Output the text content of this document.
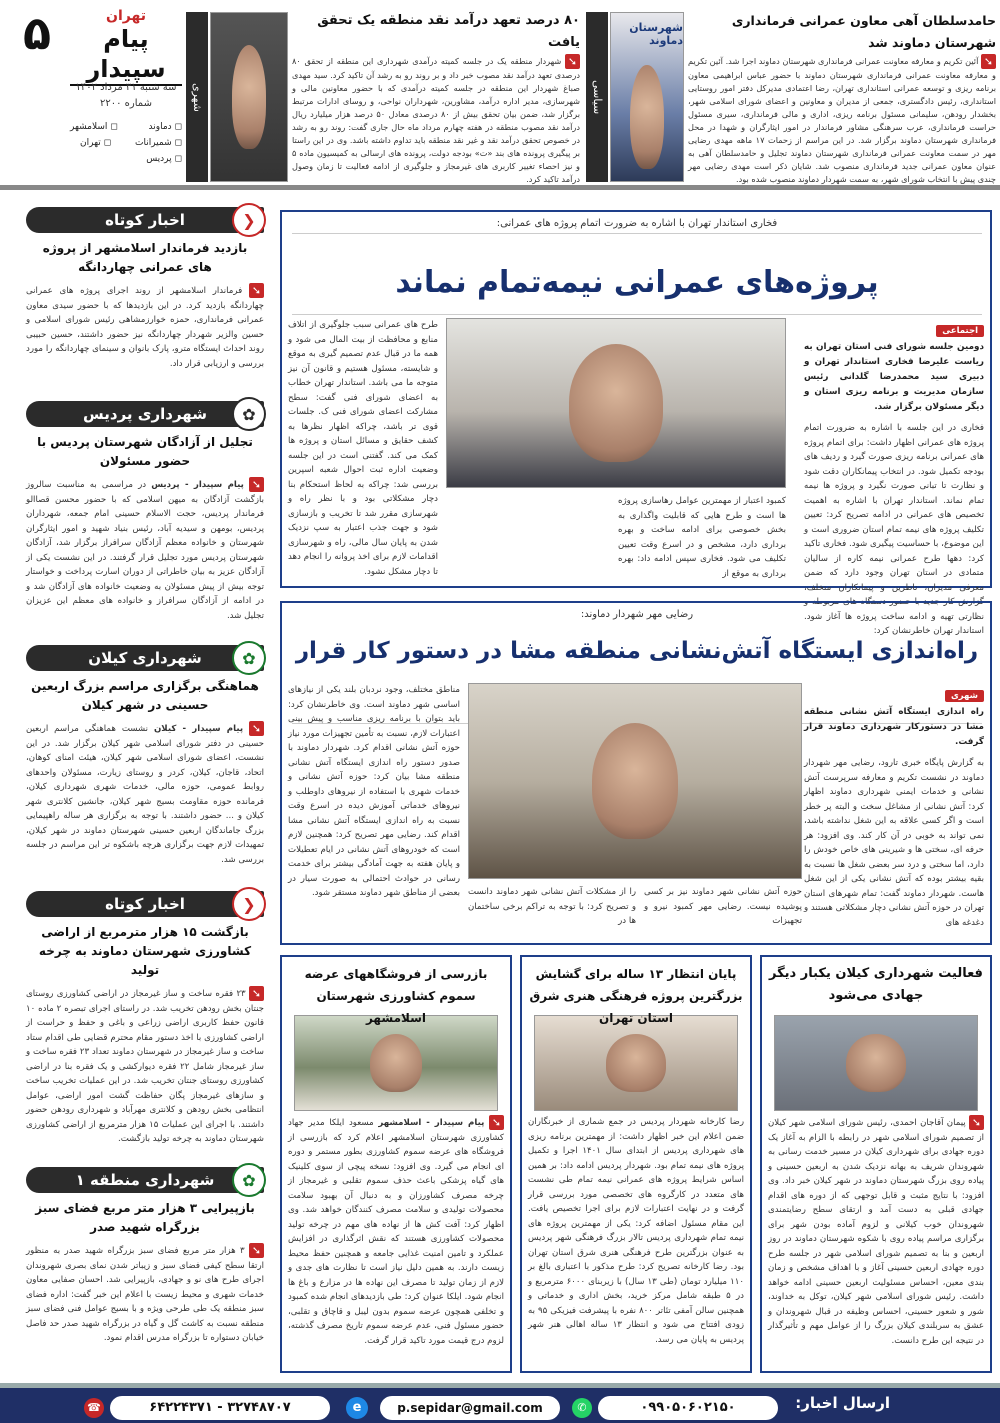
۵	تهران
پیام سپیدار
سه شنبه ۳۱ مرداد ۱۴۰۲
شماره ۲۲۰۰
◻ دماوند
◻ اسلامشهر
◻ شمیرانات
◻ تهران
◻ پردیس
شهری
۸۰ درصد تعهد درآمد نقد منطقه یک تحقق یافت
➘ شهردار منطقه یک در جلسه کمیته درآمدی شهرداری این منطقه از تحقق ۸۰ درصدی تعهد درآمد نقد مصوب خبر داد و بر روند رو به رشد آن تاکید کرد. سید مهدی صباغ شهردار این منطقه در جلسه کمیته درآمدی که با حضور معاونین مالی و شهرسازی، مدیر اداره درآمد، مشاورین، شهرداران نواحی، و روسای ادارات مرتبط برگزار شد، ضمن بیان تحقق بیش از ۸۰ درصدی معادل ۵۰ درصد هزار میلیارد ریال درآمد نقد مصوب منطقه در هفته چهارم مرداد ماه حال جاری گفت: روند رو به رشد در خصوص تحقق درآمد نقد و غیر نقد منطقه باید تداوم داشته باشد. وی در این راستا بر پیگیری پرونده های بند «ت» بودجه دولت، پرونده های ارسالی به کمیسیون ماده ۵ و نیز احصاء تغییر کاربری های غیرمجاز و جلوگیری از ادامه فعالیت تا زمان وصول درآمد تاکید کرد.
سیاسی
شهرستان دماوند
حامدسلطان آهی معاون عمرانی فرمانداری شهرستان دماوند شد
➘ آئین تکریم و معارفه معاونت عمرانی فرمانداری شهرستان دماوند اجرا شد. آئین تکریم و معارفه معاونت عمرانی فرمانداری شهرستان دماوند با حضور عباس ابراهیمی معاون برنامه ریزی و توسعه عمرانی استانداری تهران، رضا اعتمادی مدیرکل دفتر امور روستایی استانداری، رئیس دادگستری، جمعی از مدیران و معاونین و اعضای شورای اسلامی شهر، بخشدار رودهن، سلیمانی مسئول برنامه ریزی، اداری و مالی فرمانداری، سیری مسئول حراست فرمانداری، عرب سرهنگی مشاور فرماندار در امور ایثارگران و شهدا در محل فرمانداری شهرستان دماوند برگزار شد. در این مراسم از زحمات ۱۷ ماهه مهدی رضایی مهر در سمت معاونت عمرانی فرمانداری شهرستان دماوند تجلیل و حامدسلطان آهی به عنوان معاون عمرانی جدید فرمانداری منصوب شد. شایان ذکر است مهدی رضایی مهر چندی پیش با انتخاب شورای شهر، به سمت شهردار دماوند منصوب شده بود.
اخبار کوتاه	❮
بازدید فرماندار اسلامشهر از پروژه های عمرانی چهاردانگه
➘ فرماندار اسلامشهر از روند اجرای پروژه های عمرانی چهاردانگه بازدید کرد. در این بازدیدها که با حضور سیدی معاون عمرانی فرمانداری، حمزه خوارزمشاهی رئیس شورای اسلامی و حسین والزیر شهردار چهاردانگه نیز حضور داشتند، حسین حبیبی روند احداث ایستگاه مترو، پارک بانوان و سینمای چهاردانگه را مورد بررسی و ارزیابی قرار داد.
شهرداری پردیس	✿
تجلیل از آزادگان شهرستان پردیس با حضور مسئولان
➘ پیام سپیدار - پردیس در مراسمی به مناسبت سالروز بازگشت آزادگان به میهن اسلامی که با حضور محسن قصاالو فرماندار پردیس، حجت الاسلام حسینی امام جمعه، شهرداران پردیس، بومهن و سیدیه آباد، رئیس بنیاد شهید و امور ایثارگران شهرستان و خانواده معظم آزادگان سرافراز برگزار شد، آزادگان شهرستان پردیس مورد تجلیل قرار گرفتند. در این نشست یکی از آزادگان عزیز به بیان خاطراتی از دوران اسارت پرداخت و خواستار توجه بیش از پیش مسئولان به وضعیت خانواده های آزادگان شد و در ادامه از آزادگان سرافراز و خانواده های معظم این عزیزان تجلیل شد.
شهرداری کیلان	✿
هماهنگی برگزاری مراسم بزرگ اربعین حسینی در شهر کیلان
➘ پیام سپیدار - کیلان نشست هماهنگی مراسم اربعین حسینی در دفتر شورای اسلامی شهر کیلان برگزار شد. در این نشست، اعضای شورای اسلامی شهر کیلان، هیئت امنای کوهان، اتحاد، قاجان، کیلان، کردر و روستای زیارت، مسئولان واحدهای روابط عمومی، حوزه مالی، خدمات شهری شهرداری کیلان، فرمانده حوزه مقاومت بسیج شهر کیلان، جانشین کلانتری شهر کیلان و ... حضور داشتند. با توجه به برگزاری هر ساله راهپیمایی بزرگ جاماندگان اربعین حسینی شهرستان دماوند در شهر کیلان، تمهیدات لازم جهت برگزاری هرچه باشکوه تر این مراسم در جلسه بررسی شد.
اخبار کوتاه	❮
بازگشت ۱۵ هزار مترمربع از اراضی کشاورزی شهرستان دماوند به چرخه تولید
➘ ۲۳ فقره ساخت و ساز غیرمجاز در اراضی کشاورزی روستای جنتان بخش رودهن تخریب شد. در راستای اجرای تبصره ۲ ماده ۱۰ قانون حفظ کاربری اراضی زراعی و باغی و حفظ و حراست از اراضی کشاورزی با اخذ دستور مقام محترم قضایی طی اقدام ستاد ساخت و ساز غیرمجاز در شهرستان دماوند تعداد ۲۳ فقره ساخت و ساز غیرمجاز شامل ۲۲ فقره دیوارکشی و یک فقره بنا در اراضی کشاورزی روستای جنتان تخریب شد. در این عملیات تخریب ساخت و سازهای غیرمجاز پگان حفاظت گشت امور اراضی، عوامل انتظامی بخش رودهن و کلانتری مهرآباد و شهرداری رودهن حضور داشتند. با اجرای این عملیات ۱۵ هزار مترمربع از اراضی کشاورزی شهرستان دماوند به چرخه تولید بازگشت.
شهرداری منطقه ۱	✿
بازپیرایی ۳ هزار متر مربع فضای سبز بزرگراه شهید صدر
➘ ۳ هزار متر مربع فضای سبز بزرگراه شهید صدر به منظور ارتقا سطح کیفی فضای سبز و زیباتر شدن نمای بصری شهروندان اجرای طرح های نو و جهادی، بازپیرایی شد. احسان صفایی معاون خدمات شهری و محیط زیست با اعلام این خبر گفت: اداره فضای سبز منطقه یک طی طرحی ویژه و با بسیج عوامل فنی فضای سبز منطقه نسبت به کاشت گل و گیاه در بزرگراه شهید صدر حد فاصل خیابان دستواره تا بزرگراه مدرس اقدام نمود.
فخاری استاندار تهران با اشاره به ضرورت اتمام پروژه های عمرانی:
پروژه‌های عمرانی نیمه‌تمام نماند
اجتماعی
دومین جلسه شورای فنی استان تهران به ریاست علیرضا فخاری استاندار تهران و دبیری سید محمدرضا گلدانی رئیس سازمان مدیریت و برنامه ریزی استان و دیگر مسئولان برگزار شد.
فخاری در این جلسه با اشاره به ضرورت اتمام پروژه های عمرانی اظهار داشت: برای اتمام پروژه های عمرانی برنامه ریزی صورت گیرد و ردیف های بودجه تکمیل شود. در انتخاب پیمانکاران دقت شود و نظارت تا تبانی صورت نگیرد و پروژه ها نیمه تمام نماند. استاندار تهران با اشاره به اهمیت تخصیص های عمرانی در ادامه تصریح کرد: تعیین تکلیف پروژه های نیمه تمام استان ضروری است و این موضوع، با حساسیت پیگیری شود. فخاری تاکید کرد: دهها طرح عمرانی نیمه کاره از سالیان متمادی در استان تهران وجود دارد که ضمن معرفی مدیران، ناظرین و پیمانکاران متخلف، گزارش کار جدید با حضور دستگاه های مربوطه و نظارتی تهیه و ادامه ساخت پروژه ها آغاز شود. استاندار تهران خاطرنشان کرد:
کمبود اعتبار از مهمترین عوامل رهاسازی پروژه ها است و طرح هایی که قابلیت واگذاری به بخش خصوصی برای ادامه ساخت و بهره برداری دارد، مشخص و در اسرع وقت تعیین تکلیف می شود. فخاری سپس ادامه داد: بهره برداری به موقع از
طرح های عمرانی سبب جلوگیری از اتلاف منابع و محافظت از بیت المال می شود و همه ما در قبال عدم تصمیم گیری به موقع و شایسته، مسئول هستیم و قانون آن نیز متوجه ما می باشد. استاندار تهران خطاب به اعضای شورای فنی گفت: سطح مشارکت اعضای شورای فنی ک. جلسات قوی تر باشد، چراکه اظهار نظرها به کشف حقایق و مسائل استان و پروژه ها کمک می کند. گفتنی است در این جلسه وضعیت اداره ثبت احوال شعبه اسپرین بررسی شد: چراکه به لحاظ استحکام بنا دچار مشکلاتی بود و با نظر راه و شهرسازی مقرر شد تا تخریب و بازسازی شود و جهت جذب اعتبار به سپ نزدیک شدن به پایان سال مالی، راه و شهرسازی اقدامات لازم برای اخذ پروانه را انجام دهد تا دچار مشکل نشود.
رضایی مهر شهردار دماوند:
راه‌اندازی ایستگاه آتش‌نشانی منطقه مشا در دستور کار قرار
شهری
راه اندازی ایستگاه آتش نشانی منطقه مشا در دستورکار شهرداری دماوند قرار گرفت.
به گزارش پایگاه خبری تارود، رضایی مهر شهردار دماوند در نشست تکریم و معارفه سرپرست آتش نشانی و خدمات ایمنی شهرداری دماوند اظهار کرد: آتش نشانی از مشاغل سخت و البته پر خطر است و اگر کسی علاقه به این شغل نداشته باشد، نمی تواند به خوبی در آن کار کند. وی افزود: هر حرفه ای، سختی ها و شیرینی های خاص خودش را دارد، اما سختی و درد سر بعضی شغل ها نسبت به بقیه بیشتر بوده که آتش نشانی یکی از این شغل هاست. شهردار دماوند گفت: تمام شهرهای استان تهران در حوزه آتش نشانی دچار مشکلاتی هستند و دغدغه های
حوزه آتش نشانی شهر دماوند نیز بر کسی پوشیده نیست. رضایی مهر کمبود نیرو و تجهیزات
را از مشکلات آتش نشانی شهر دماوند دانست و تصریح کرد: با توجه به تراکم برخی ساختمان ها در
مناطق مختلف، وجود نردبان بلند یکی از نیازهای اساسی شهر دماوند است. وی خاطرنشان کرد: باید بتوان با برنامه ریزی مناسب و پیش بینی اعتبارات لازم، نسبت به تأمین تجهیزات مورد نیاز حوزه آتش نشانی اقدام کرد. شهردار دماوند با صدور دستور راه اندازی ایستگاه آتش نشانی منطقه مشا بیان کرد: حوزه آتش نشانی و خدمات شهری با استفاده از نیروهای داوطلب و نیروهای خدماتی آموزش دیده در اسرع وقت نسبت به راه اندازی ایستگاه آتش نشانی مشا اقدام کند. رضایی مهر تصریح کرد: همچنین لازم است که خودروهای آتش نشانی در ایام تعطیلات و پایان هفته به جهت آمادگی بیشتر برای خدمت رسانی در حوادث احتمالی به صورت سیار در بعضی از مناطق شهر دماوند مستقر شود.
فعالیت شهرداری کیلان یکبار دیگر جهادی می‌شود
➘ پیمان آقاجان احمدی، رئیس شورای اسلامی شهر کیلان از تصمیم شورای اسلامی شهر در رابطه با الزام به آغاز یک دوره جهادی برای شهرداری کیلان در مسیر خدمت رسانی به شهروندان شریف به بهانه نزدیک شدن به اربعین حسینی و پیاده روی بزرگ شهرستان دماوند در شهر کیلان خبر داد. وی افزود: با نتایج مثبت و قابل توجهی که از دوره های اقدام جهادی قبلی به دست آمد و ارتقای سطح رضایتمندی شهروندان خوب کیلانی و لزوم آماده بودن شهر برای برگزاری مراسم پیاده روی با شکوه شهرستان دماوند در روز اربعین و بنا به تصمیم شورای اسلامی شهر در جلسه طرح دوره جهادی اربعین حسینی آغاز و با اهداف مشخص و زمان بندی معین، احساس مسئولیت اربعین حسینی ادامه خواهد داشت. رئیس شورای اسلامی شهر کیلان، توکل به خداوند، شور و شعور حسینی، احساس وظیفه در قبال شهروندان و عشق به سربلندی کیلان بزرگ را از عوامل مهم و تأثیرگذار در نتیجه این طرح دانست.
پایان انتظار ۱۳ ساله برای گشایش بزرگترین پروژه فرهنگی هنری شرق استان تهران
رضا کارخانه شهردار پردیس در جمع شماری از خبرنگاران ضمن اعلام این خبر اظهار داشت: از مهمترین برنامه ریزی های شهرداری پردیس از ابتدای سال ۱۴۰۱ اجرا و تکمیل پروژه های نیمه تمام بود. شهردار پردیس ادامه داد: بر همین اساس شرایط پروژه های عمرانی نیمه تمام طی نشست های متعدد در کارگروه های تخصصی مورد بررسی قرار گرفت و در نهایت اعتبارات لازم برای اجرا تخصیص یافت. این مقام مسئول اضافه کرد: یکی از مهمترین پروژه های نیمه تمام شهرداری پردیس تالار بزرگ فرهنگی شهر پردیس به عنوان بزرگترین طرح فرهنگی هنری شرق استان تهران بود. رضا کارخانه تصریح کرد: طرح مذکور با اعتباری بالغ بر ۱۱۰ میلیارد تومان (طی ۱۳ سال) با زیربنای ۶۰۰۰ مترمربع و در ۵ طبقه شامل مرکز خرید، بخش اداری و خدماتی و همچنین سالن آمفی تئاتر ۸۰۰ نفره با پیشرفت فیزیکی ۹۵ به زودی افتتاح می شود و انتظار ۱۳ ساله اهالی هنر شهر پردیس به پایان می رسد.
بازرسی از فروشگاههای عرضه سموم کشاورزی شهرستان اسلامشهر
➘ پیام سپیدار - اسلامشهر مسعود ایلکا مدیر جهاد کشاورزی شهرستان اسلامشهر اعلام کرد که بازرسی از فروشگاه های عرضه سموم کشاورزی بطور مستمر و دوره ای انجام می گیرد. وی افزود: نسخه پیچی از سوی کلینیک های گیاه پزشکی باعث حذف سموم تقلبی و غیرمجاز از چرخه مصرف کشاورزان و به دنبال آن بهبود سلامت محصولات تولیدی و سلامت مصرف کنندگان خواهد شد. وی اظهار کرد: آفت کش ها از نهاده های مهم در چرخه تولید محصولات کشاورزی هستند که نقش اثرگذاری در افزایش عملکرد و تامین امنیت غذایی جامعه و همچنین حفظ محیط زیست دارند. به همین دلیل نیاز است تا نظارت های جدی و لازم از زمان تولید تا مصرف این نهاده ها در مزارع و باغ ها انجام شود. ایلکا عنوان کرد: طی بازدیدهای انجام شده کمبود و تخلفی همچون عرضه سموم بدون لیبل و قاچاق و تقلبی، حضور مسئول فنی، عدم عرضه سموم تاریخ مصرف گذشته، لزوم درج قیمت مورد تاکید قرار گرفت.
ارسال اخبار:
۰۹۹۰۵۰۶۰۲۱۵۰
✆
p.sepidar@gmail.com
e
۳۲۷۴۸۷۰۷ - ۶۴۲۲۴۳۷۱
☎
